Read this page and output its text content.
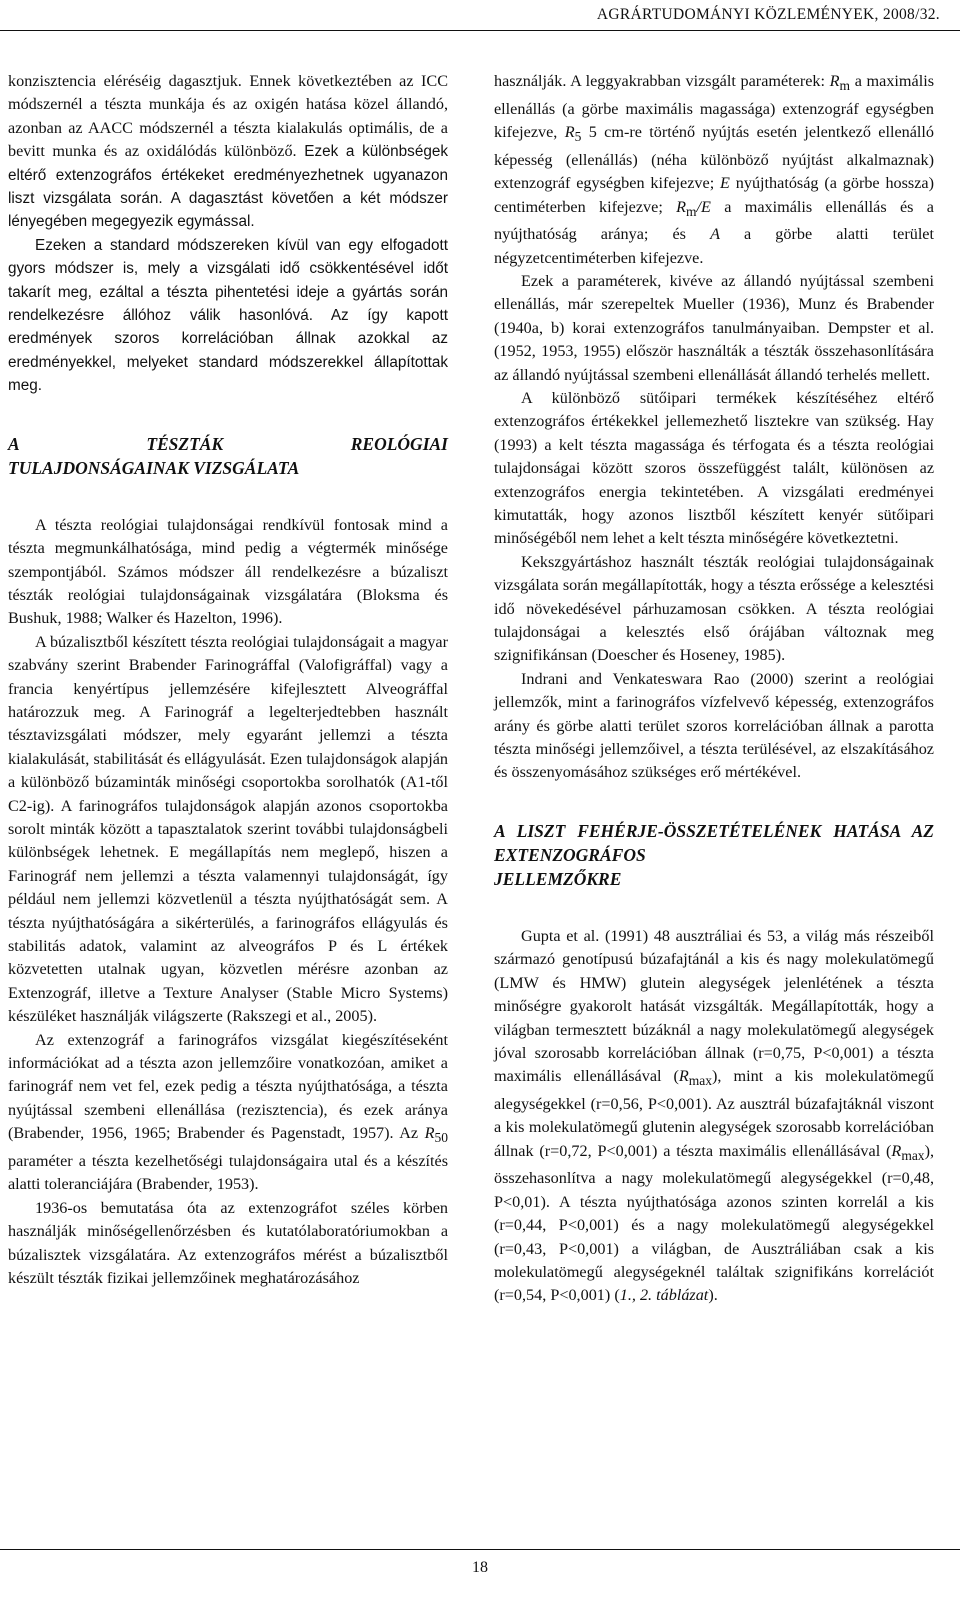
AGRÁRTUDOMÁNYI KÖZLEMÉNYEK, 2008/32.

konzisztencia eléréséig dagasztjuk. Ennek következtében az ICC módszernél a tészta munkája és az oxigén hatása közel állandó, azonban az AACC módszernél a tészta kialakulás optimális, de a bevitt munka és az oxidálódás különböző. Ezek a különbségek eltérő extenzográfos értékeket eredményezhetnek ugyanazon liszt vizsgálata során. A dagasztást követően a két módszer lényegében megegyezik egymással.

Ezeken a standard módszereken kívül van egy elfogadott gyors módszer is, mely a vizsgálati idő csökkentésével időt takarít meg, ezáltal a tészta pihentetési ideje a gyártás során rendelkezésre állóhoz válik hasonlóvá. Az így kapott eredmények szoros korrelációban állnak azokkal az eredményekkel, melyeket standard módszerekkel állapítottak meg.

A TÉSZTÁK REOLÓGIAI
TULAJDONSÁGAINAK VIZSGÁLATA

A tészta reológiai tulajdonságai rendkívül fontosak mind a tészta megmunkálhatósága, mind pedig a végtermék minősége szempontjából. Számos módszer áll rendelkezésre a búzaliszt tészták reológiai tulajdonságainak vizsgálatára (Bloksma és Bushuk, 1988; Walker és Hazelton, 1996).

A búzalisztből készített tészta reológiai tulajdonságait a magyar szabvány szerint Brabender Farinográffal (Valofigráffal) vagy a francia kenyértípus jellemzésére kifejlesztett Alveográffal határozzuk meg. A Farinográf a legelterjedtebben használt tésztavizsgálati módszer, mely egyaránt jellemzi a tészta kialakulását, stabilitását és ellágyulását. Ezen tulajdonságok alapján a különböző búzaminták minőségi csoportokba sorolhatók (A1-től C2-ig). A farinográfos tulajdonságok alapján azonos csoportokba sorolt minták között a tapasztalatok szerint további tulajdonságbeli különbségek lehetnek. E megállapítás nem meglepő, hiszen a Farinográf nem jellemzi a tészta valamennyi tulajdonságát, így például nem jellemzi közvetlenül a tészta nyújthatóságát sem. A tészta nyújthatóságára a sikérterülés, a farinográfos ellágyulás és stabilitás adatok, valamint az alveográfos P és L értékek közvetetten utalnak ugyan, közvetlen mérésre azonban az Extenzográf, illetve a Texture Analyser (Stable Micro Systems) készüléket használják világszerte (Rakszegi et al., 2005).

Az extenzográf a farinográfos vizsgálat kiegészítéseként információkat ad a tészta azon jellemzőire vonatkozóan, amiket a farinográf nem vet fel, ezek pedig a tészta nyújthatósága, a tészta nyújtással szembeni ellenállása (rezisztencia), és ezek aránya (Brabender, 1956, 1965; Brabender és Pagenstadt, 1957). Az $R_{50}$ paraméter a tészta kezelhetőségi tulajdonságaira utal és a készítés alatti toleranciájára (Brabender, 1953).

1936-os bemutatása óta az extenzográfot széles körben használják minőségellenőrzésben és kutatólaboratóriumokban a búzalisztek vizsgálatára. Az extenzográfos mérést a búzalisztből készült tészták fizikai jellemzőinek meghatározásához

használják. A leggyakrabban vizsgált paraméterek: $R_m$ a maximális ellenállás (a görbe maximális magassága) extenzográf egységben kifejezve, $R_5$ 5 cm-re történő nyújtás esetén jelentkező ellenálló képesség (ellenállás) (néha különböző nyújtást alkalmaznak) extenzográf egységben kifejezve; E nyújthatóság (a görbe hossza) centiméterben kifejezve; $R_m/E$ a maximális ellenállás és a nyújthatóság aránya; és A a görbe alatti terület négyzetcentiméterben kifejezve.

Ezek a paraméterek, kivéve az állandó nyújtással szembeni ellenállás, már szerepeltek Mueller (1936), Munz és Brabender (1940a, b) korai extenzográfos tanulmányaiban. Dempster et al. (1952, 1953, 1955) először használták a tészták összehasonlítására az állandó nyújtással szembeni ellenállását állandó terhelés mellett.

A különböző sütőipari termékek készítéséhez eltérő extenzográfos értékekkel jellemezhető lisztekre van szükség. Hay (1993) a kelt tészta magassága és térfogata és a tészta reológiai tulajdonságai között szoros összefüggést talált, különösen az extenzográfos energia tekintetében. A vizsgálati eredményei kimutatták, hogy azonos lisztből készített kenyér sütőipari minőségéből nem lehet a kelt tészta minőségére következtetni.

Kekszgyártáshoz használt tészták reológiai tulajdonságainak vizsgálata során megállapították, hogy a tészta erőssége a kelesztési idő növekedésével párhuzamosan csökken. A tészta reológiai tulajdonságai a kelesztés első órájában változnak meg szignifikánsan (Doescher és Hoseney, 1985).

Indrani and Venkateswara Rao (2000) szerint a reológiai jellemzők, mint a farinográfos vízfelvevő képesség, extenzográfos arány és görbe alatti terület szoros korrelációban állnak a parotta tészta minőségi jellemzőivel, a tészta terülésével, az elszakításához és összenyomásához szükséges erő mértékével.

A LISZT FEHÉRJE-ÖSSZETÉTELÉNEK HATÁSA AZ EXTENZOGRÁFOS
JELLEMZŐKRE

Gupta et al. (1991) 48 ausztráliai és 53, a világ más részeiből származó genotípusú búzafajtánál a kis és nagy molekulatömegű (LMW és HMW) glutein alegységek jelenlétének a tészta minőségre gyakorolt hatását vizsgálták. Megállapították, hogy a világban termesztett búzáknál a nagy molekulatömegű alegységek jóval szorosabb korrelációban állnak (r=0,75, P<0,001) a tészta maximális ellenállásával $(R_{max})$, mint a kis molekulatömegű alegységekkel (r=0,56, P<0,001). Az ausztrál búzafajtáknál viszont a kis molekulatömegű glutenin alegységek szorosabb korrelációban állnak (r=0,72, P<0,001) a tészta maximális ellenállásával $(R_{max})$, összehasonlítva a nagy molekulatömegű alegységekkel (r=0,48, P<0,01). A tészta nyújthatósága azonos szinten korrelál a kis (r=0,44, P<0,001) és a nagy molekulatömegű alegységekkel (r=0,43, P<0,001) a világban, de Ausztráliában csak a kis molekulatömegű alegységeknél találtak szignifikáns korrelációt (r=0,54, P<0,001) (1., 2. táblázat).

18
